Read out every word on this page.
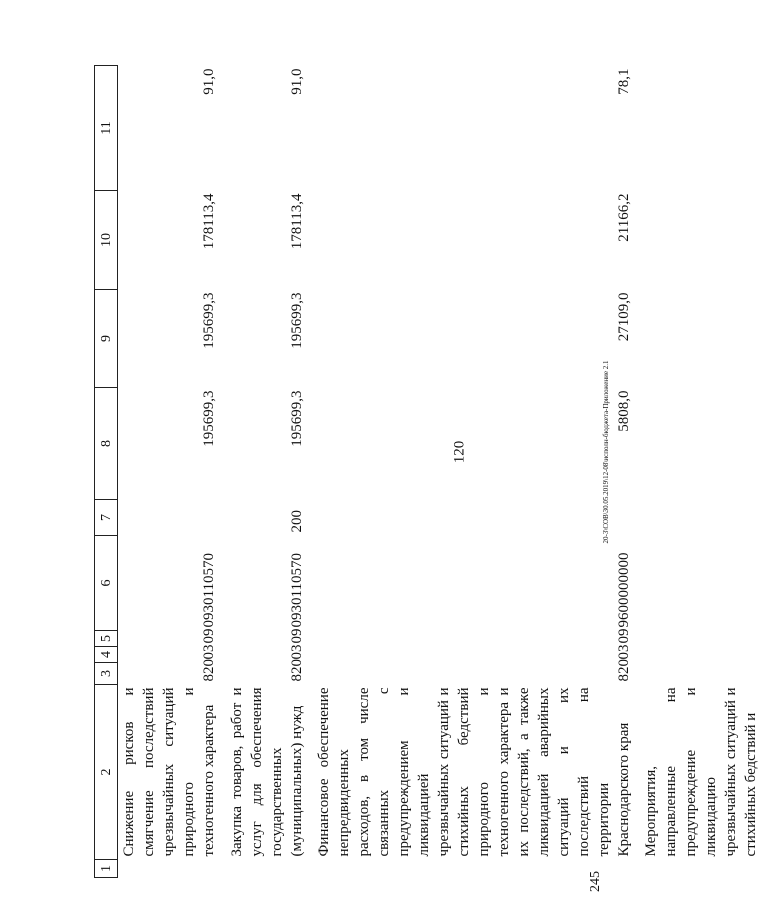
120
245
20-3\СОВ\30.05.2019\12-08\исполн-бюджета-Приложение 2.1
1	2	3	4	5	6	7	8	9	10	11
	Снижение рисков и смягчение последствий чрезвычайных ситуаций природного и техногенного характера	820	03	09	0930110570		195699,3	195699,3	178113,4	91,0
	Закупка товаров, работ и услуг для обеспечения государственных (муниципальных) нужд	820	03	09	0930110570	200	195699,3	195699,3	178113,4	91,0
	Финансовое обеспечение непредвиденных расходов, в том числе связанных с предупреждением и ликвидацией чрезвычайных ситуаций и стихийных бедствий природного и техногенного характера и их последствий, а также ликвидацией аварийных ситуаций и их последствий на территории Краснодарского края	820	03	09	9600000000		5808,0	27109,0	21166,2	78,1
	Мероприятия, направленные на предупреждение и ликвидацию чрезвычайных ситуаций и стихийных бедствий и									
